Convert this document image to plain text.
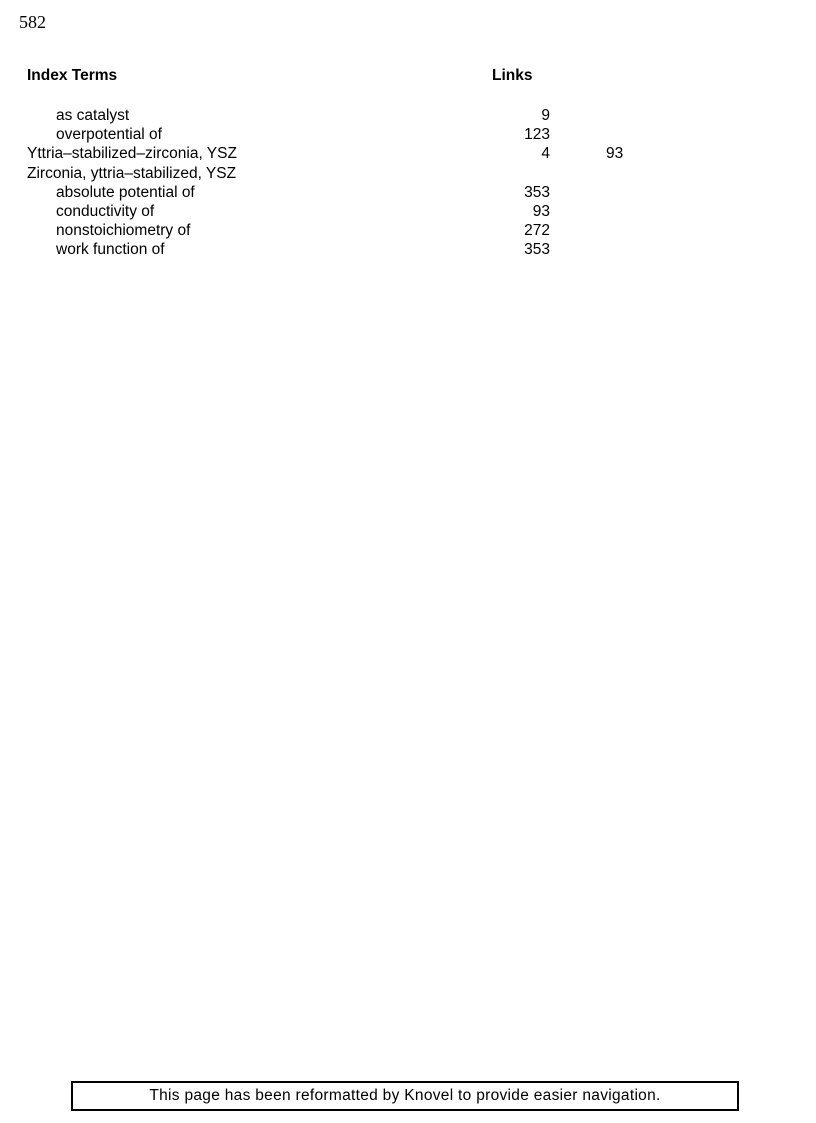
582
Index Terms	Links
as catalyst	9
overpotential of	123
Yttria–stabilized–zirconia, YSZ	4	93
Zirconia, yttria–stabilized, YSZ
absolute potential of	353
conductivity of	93
nonstoichiometry of	272
work function of	353
This page has been reformatted by Knovel to provide easier navigation.
